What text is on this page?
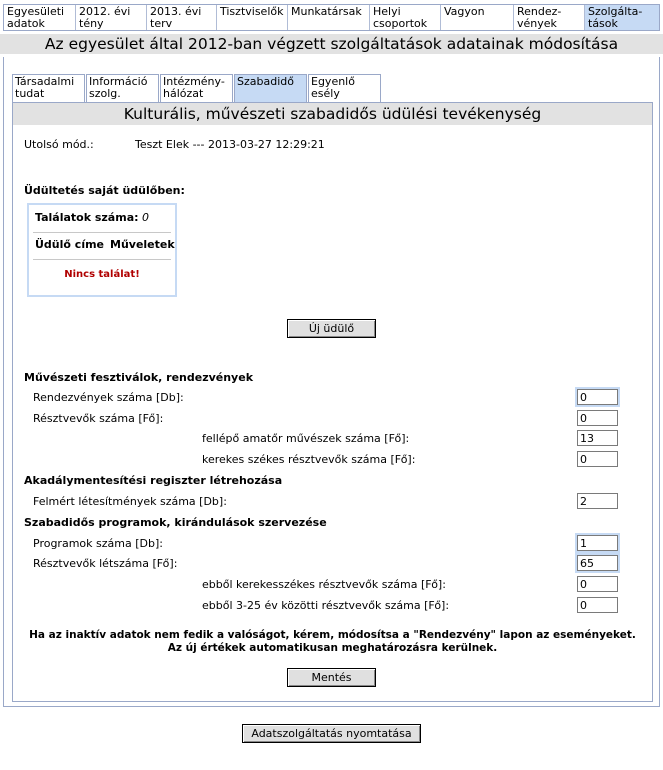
Egyesületi adatok
2012. évi tény
2013. évi terv
Tisztviselők Munkatársak	Helyi csoportok
Vagyon	Rendez-vények
Szolgálta-tások
Az egyesület által 2012-ban végzett szolgáltatások adatainak módosítása
Társadalmi tudat
Információ szolg.
Intézmény-hálózat
Szabadidő	Egyenlő esély
Kulturális, művészeti szabadidős üdülési tevékenység
Utolsó mód.:	Teszt Elek --- 2013-03-27 12:29:21
Üdültetés saját üdülőben:
Találatok száma: 0
Üdülő címe Műveletek
Nincs találat!
Új üdülő
Művészeti fesztiválok, rendezvények
Rendezvények száma [Db]:
0
Résztvevők száma [Fő]:
0
fellépő amatőr művészek száma [Fő]:
13
kerekes székes résztvevők száma [Fő]:
0
Akadálymentesítési regiszter létrehozása
Felmért létesítmények száma [Db]:
2
Szabadidős programok, kirándulások szervezése
Programok száma [Db]:
1
Résztvevők létszáma [Fő]:
65
ebből kerekesszékes résztvevők száma [Fő]:
0
ebből 3-25 év közötti résztvevők száma [Fő]:
0
Ha az inaktív adatok nem fedik a valóságot, kérem, módosítsa a "Rendezvény" lapon az eseményeket.
Az új értékek automatikusan meghatározásra kerülnek.
Mentés
Adatszolgáltatás nyomtatása
